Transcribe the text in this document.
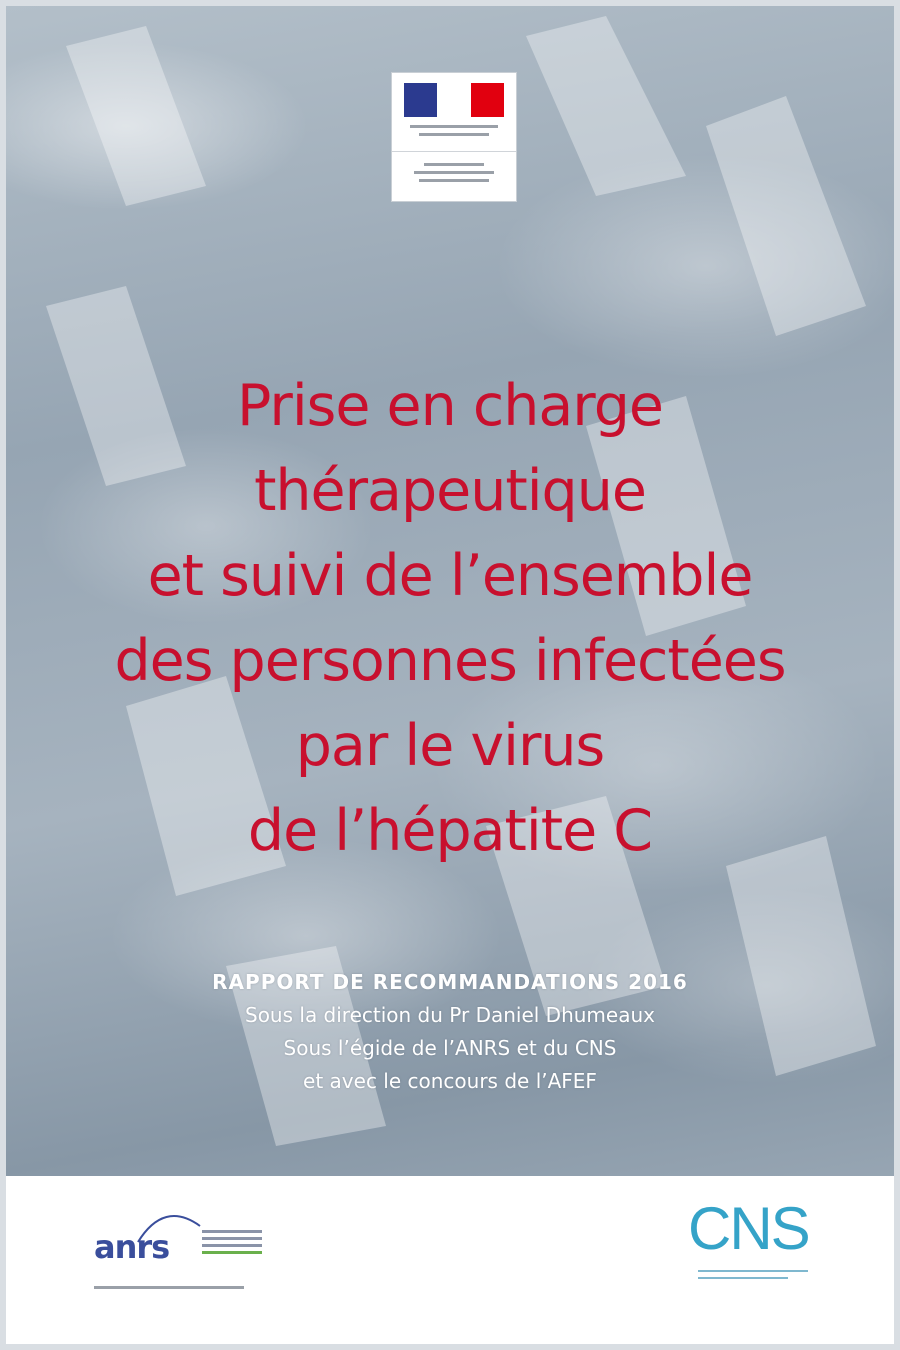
Prise en charge
thérapeutique
et suivi de l’ensemble
des personnes infectées
par le virus
de l’hépatite C
RAPPORT DE RECOMMANDATIONS 2016
Sous la direction du Pr Daniel Dhumeaux
Sous l’égide de l’ANRS et du CNS
et avec le concours de l’AFEF
anrs	CNS
